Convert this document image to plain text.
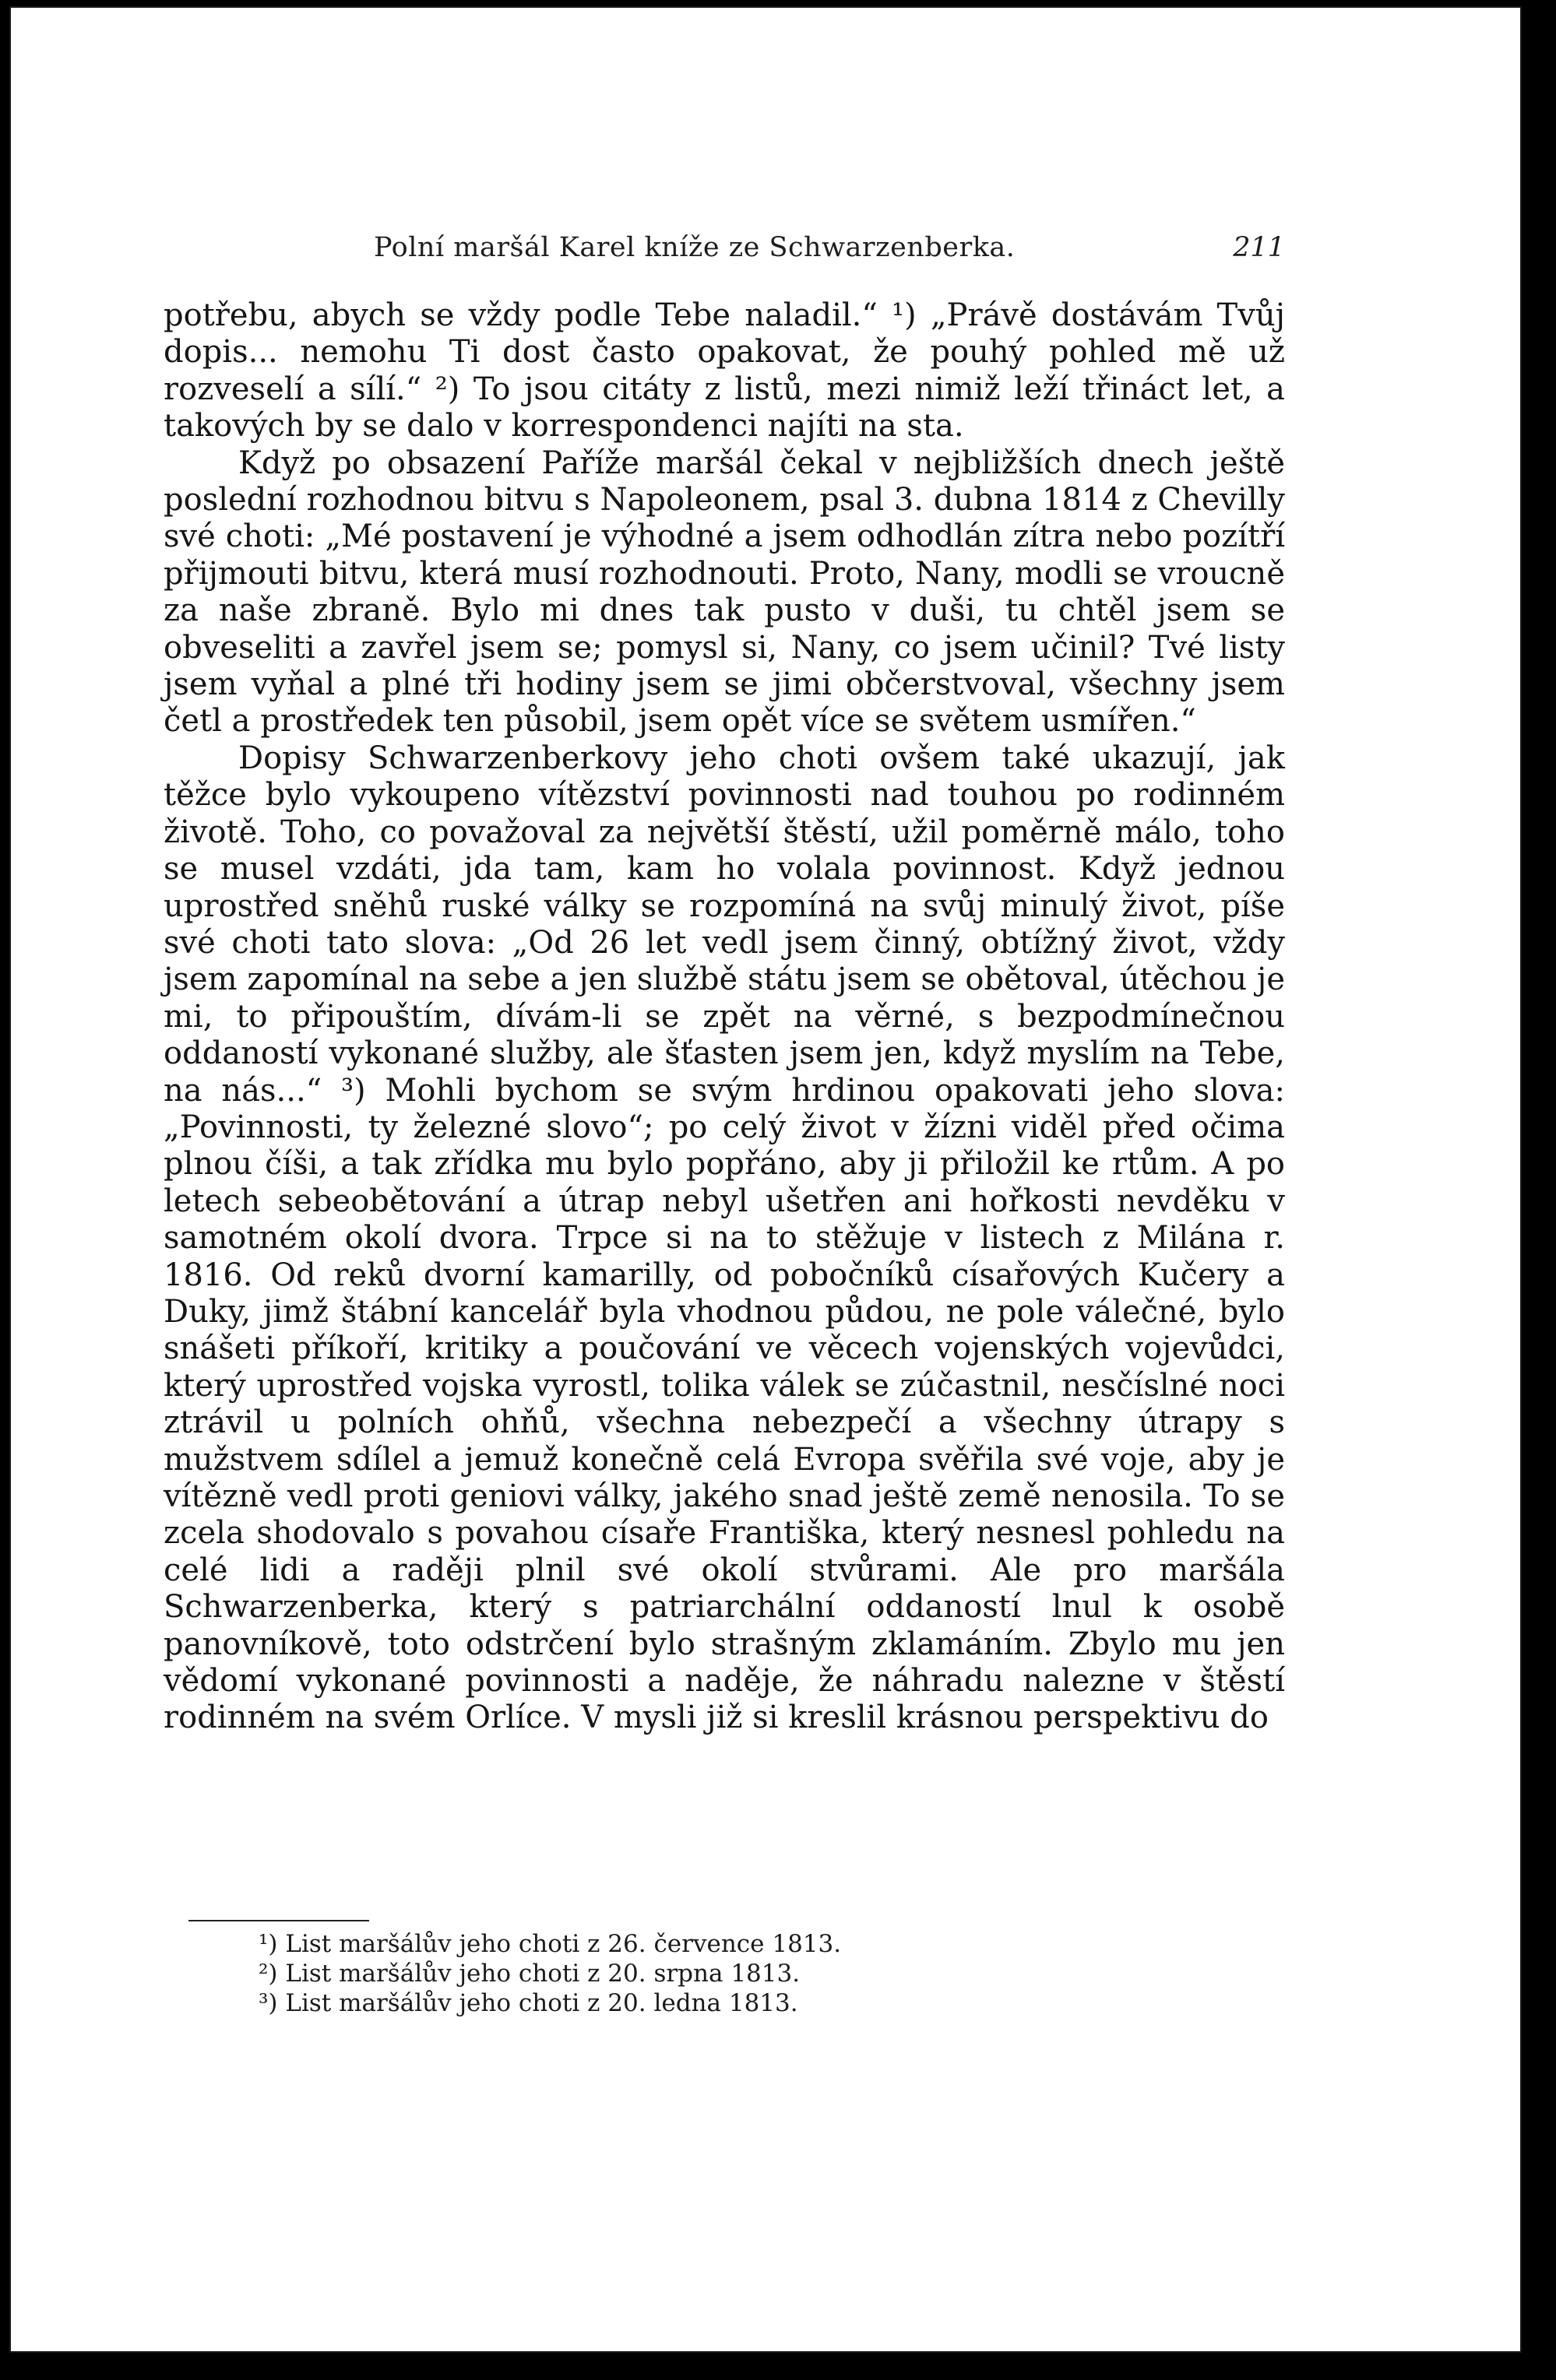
Polní maršál Karel kníže ze Schwarzenberka.	211

potřebu, abych se vždy podle Tebe naladil.“ ¹) „Právě dostávám Tvůj dopis... nemohu Ti dost často opakovat, že pouhý pohled mě už rozveselí a sílí.“ ²) To jsou citáty z listů, mezi nimiž leží třináct let, a takových by se dalo v korrespondenci najíti na sta.

Když po obsazení Paříže maršál čekal v nejbližších dnech ještě poslední rozhodnou bitvu s Napoleonem, psal 3. dubna 1814 z Chevilly své choti: „Mé postavení je výhodné a jsem odhodlán zítra nebo pozítří přijmouti bitvu, která musí rozhodnouti. Proto, Nany, modli se vroucně za naše zbraně. Bylo mi dnes tak pusto v duši, tu chtěl jsem se obveseliti a zavřel jsem se; pomysl si, Nany, co jsem učinil? Tvé listy jsem vyňal a plné tři hodiny jsem se jimi občerstvoval, všechny jsem četl a prostředek ten působil, jsem opět více se světem usmířen.“

Dopisy Schwarzenberkovy jeho choti ovšem také ukazují, jak těžce bylo vykoupeno vítězství povinnosti nad touhou po rodinném životě. Toho, co považoval za největší štěstí, užil poměrně málo, toho se musel vzdáti, jda tam, kam ho volala povinnost. Když jednou uprostřed sněhů ruské války se rozpomíná na svůj minulý život, píše své choti tato slova: „Od 26 let vedl jsem činný, obtížný život, vždy jsem zapomínal na sebe a jen službě státu jsem se obětoval, útěchou je mi, to připouštím, dívám-li se zpět na věrné, s bezpodmínečnou oddaností vykonané služby, ale šťasten jsem jen, když myslím na Tebe, na nás...“ ³) Mohli bychom se svým hrdinou opakovati jeho slova: „Povinnosti, ty železné slovo“; po celý život v žízni viděl před očima plnou číši, a tak zřídka mu bylo popřáno, aby ji přiložil ke rtům. A po letech sebeobětování a útrap nebyl ušetřen ani hořkosti nevděku v samotném okolí dvora. Trpce si na to stěžuje v listech z Milána r. 1816. Od reků dvorní kamarilly, od pobočníků císařových Kučery a Duky, jimž štábní kancelář byla vhodnou půdou, ne pole válečné, bylo snášeti příkoří, kritiky a poučování ve věcech vojenských vojevůdci, který uprostřed vojska vyrostl, tolika válek se zúčastnil, nesčíslné noci ztrávil u polních ohňů, všechna nebezpečí a všechny útrapy s mužstvem sdílel a jemuž konečně celá Evropa svěřila své voje, aby je vítězně vedl proti geniovi války, jakého snad ještě země nenosila. To se zcela shodovalo s povahou císaře Františka, který nesnesl pohledu na celé lidi a raději plnil své okolí stvůrami. Ale pro maršála Schwarzenberka, který s patriarchální oddaností lnul k osobě panovníkově, toto odstrčení bylo strašným zklamáním. Zbylo mu jen vědomí vykonané povinnosti a naděje, že náhradu nalezne v štěstí rodinném na svém Orlíce. V mysli již si kreslil krásnou perspektivu do

¹) List maršálův jeho choti z 26. července 1813.

²) List maršálův jeho choti z 20. srpna 1813.

³) List maršálův jeho choti z 20. ledna 1813.
